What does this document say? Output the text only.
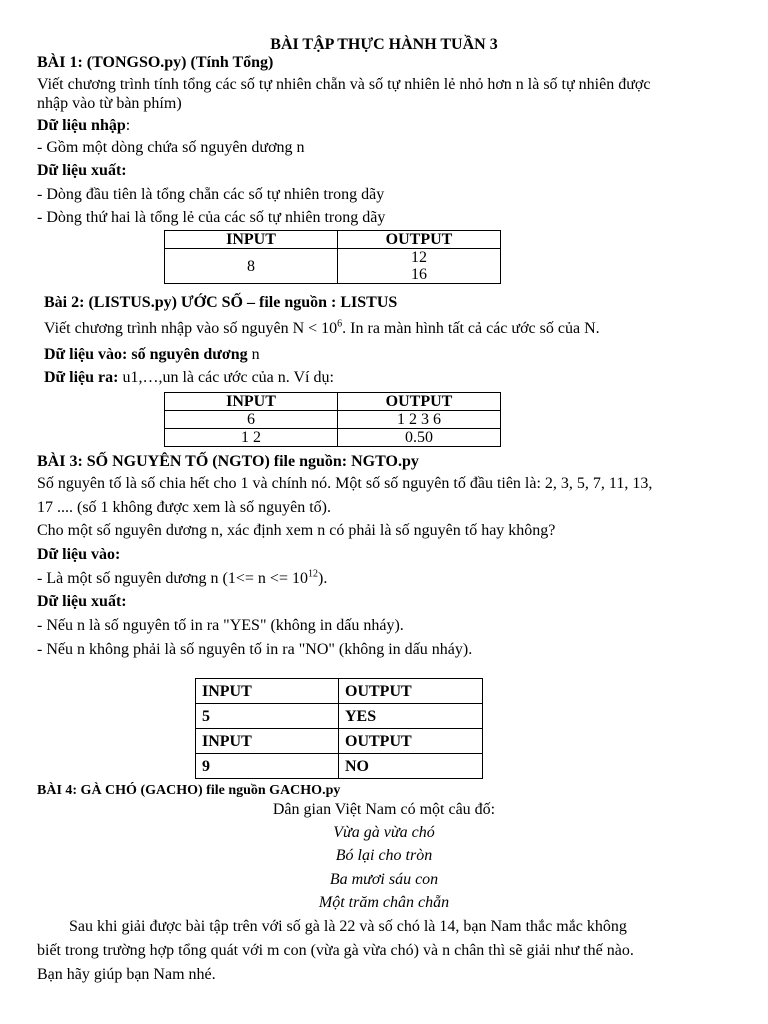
BÀI TẬP THỰC HÀNH TUẦN 3
BÀI 1: (TONGSO.py) (Tính Tổng)
Viết chương trình tính tổng các số tự nhiên chẵn và số tự nhiên lẻ nhỏ hơn n là số tự nhiên được
nhập vào từ bàn phím)
Dữ liệu nhập:
- Gồm một dòng chứa số nguyên dương n
Dữ liệu xuất:
- Dòng đầu tiên là tổng chẵn các số tự nhiên trong dãy
- Dòng thứ hai là tổng lẻ của các số tự nhiên trong dãy
INPUT	OUTPUT
8	12
16
Bài 2: (LISTUS.py) ƯỚC SỐ – file nguồn : LISTUS
Viết chương trình nhập vào số nguyên $N < 10^6$. In ra màn hình tất cả các ước số của N.
Dữ liệu vào: số nguyên dương n
Dữ liệu ra: u1,…,un là các ước của n. Ví dụ:
INPUT	OUTPUT
6	1 2 3 6
1 2	0.50
BÀI 3: SỐ NGUYÊN TỐ (NGTO) file nguồn: NGTO.py
Số nguyên tố là số chia hết cho 1 và chính nó. Một số số nguyên tố đầu tiên là: 2, 3, 5, 7, 11, 13,
17 .... (số 1 không được xem là số nguyên tố).
Cho một số nguyên dương n, xác định xem n có phải là số nguyên tố hay không?
Dữ liệu vào:
- Là một số nguyên dương n $(1<= n <= 10^{12})$.
Dữ liệu xuất:
- Nếu n là số nguyên tố in ra "YES" (không in dấu nháy).
- Nếu n không phải là số nguyên tố in ra "NO" (không in dấu nháy).
INPUT	OUTPUT
5	YES
INPUT	OUTPUT
9	NO
BÀI 4: GÀ CHÓ (GACHO) file nguồn GACHO.py
Dân gian Việt Nam có một câu đố:
Vừa gà vừa chó
Bó lại cho tròn
Ba mươi sáu con
Một trăm chân chẵn
Sau khi giải được bài tập trên với số gà là 22 và số chó là 14, bạn Nam thắc mắc không
biết trong trường hợp tổng quát với m con (vừa gà vừa chó) và n chân thì sẽ giải như thế nào.
Bạn hãy giúp bạn Nam nhé.
